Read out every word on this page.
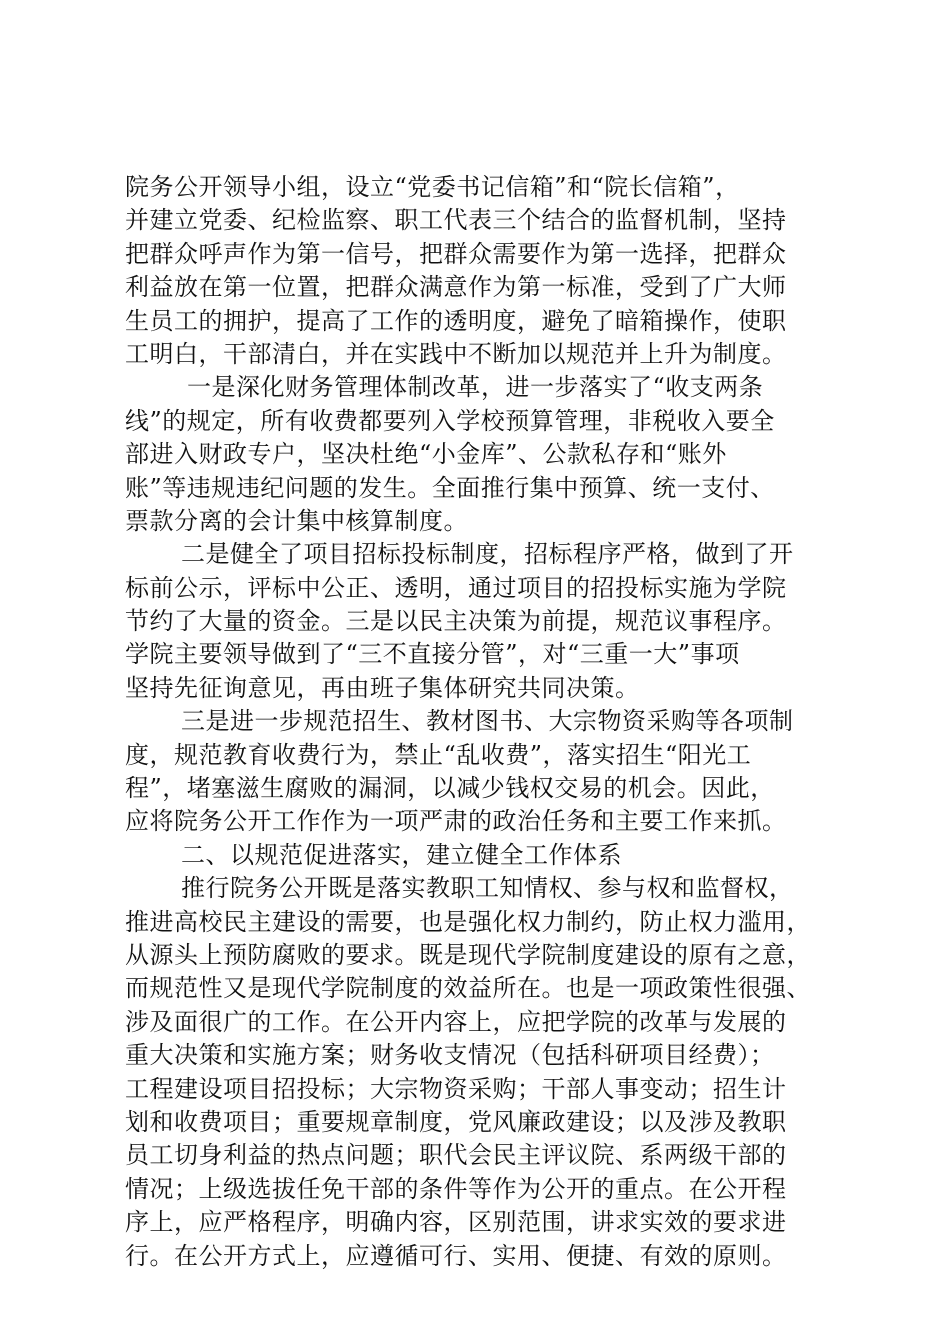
院务公开领导小组，设立“党委书记信箱”和“院长信箱”，
并建立党委、纪检监察、职工代表三个结合的监督机制，坚持
把群众呼声作为第一信号，把群众需要作为第一选择，把群众
利益放在第一位置，把群众满意作为第一标准，受到了广大师
生员工的拥护，提高了工作的透明度，避免了暗箱操作，使职
工明白，干部清白，并在实践中不断加以规范并上升为制度。
一是深化财务管理体制改革，进一步落实了“收支两条
线”的规定，所有收费都要列入学校预算管理，非税收入要全
部进入财政专户，坚决杜绝“小金库”、公款私存和“账外
账”等违规违纪问题的发生。全面推行集中预算、统一支付、
票款分离的会计集中核算制度。
二是健全了项目招标投标制度，招标程序严格，做到了开
标前公示，评标中公正、透明，通过项目的招投标实施为学院
节约了大量的资金。三是以民主决策为前提，规范议事程序。
学院主要领导做到了“三不直接分管”，对“三重一大”事项
坚持先征询意见，再由班子集体研究共同决策。
三是进一步规范招生、教材图书、大宗物资采购等各项制
度，规范教育收费行为，禁止“乱收费”，落实招生“阳光工
程”，堵塞滋生腐败的漏洞，以减少钱权交易的机会。因此，
应将院务公开工作作为一项严肃的政治任务和主要工作来抓。
二、以规范促进落实，建立健全工作体系
推行院务公开既是落实教职工知情权、参与权和监督权，
推进高校民主建设的需要，也是强化权力制约，防止权力滥用，
从源头上预防腐败的要求。既是现代学院制度建设的原有之意，
而规范性又是现代学院制度的效益所在。也是一项政策性很强、
涉及面很广的工作。在公开内容上，应把学院的改革与发展的
重大决策和实施方案；财务收支情况（包括科研项目经费）；
工程建设项目招投标；大宗物资采购；干部人事变动；招生计
划和收费项目；重要规章制度，党风廉政建设；以及涉及教职
员工切身利益的热点问题；职代会民主评议院、系两级干部的
情况；上级选拔任免干部的条件等作为公开的重点。在公开程
序上，应严格程序，明确内容，区别范围，讲求实效的要求进
行。在公开方式上，应遵循可行、实用、便捷、有效的原则。
